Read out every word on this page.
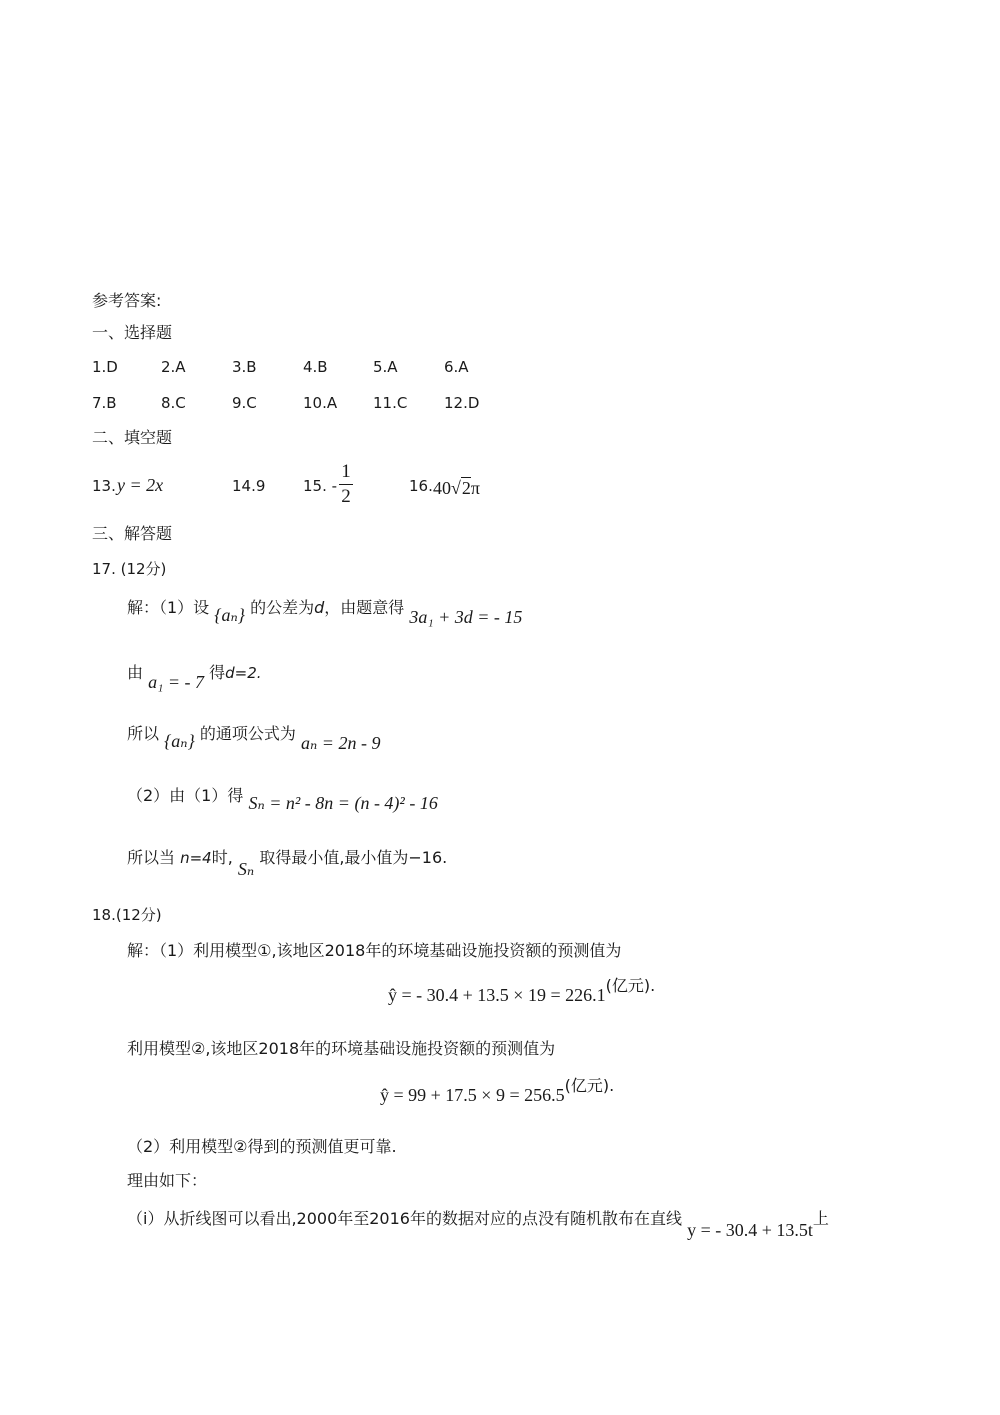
参考答案:
一、选择题
1.D	2.A	3.B	4.B	5.A	6.A
7.B	8.C	9.C	10.A 11.C 12.D
二、填空题
13. y = 2x	14.9	15. -
1
2	16. 40√2π
三、解答题
17. (12分)
解：（1）设 {aₙ} 的公差为d，由题意得 3a₁ + 3d = - 15
由 a₁ = - 7 得d=2.
所以 {aₙ} 的通项公式为 aₙ = 2n - 9
（2）由（1）得 Sₙ = n² - 8n = (n - 4)² - 16
所以当 n=4时, Sₙ 取得最小值,最小值为−16.
18.(12分)
解：（1）利用模型①,该地区2018年的环境基础设施投资额的预测值为
ŷ = - 30.4 + 13.5 × 19 = 226.1(亿元).
利用模型②,该地区2018年的环境基础设施投资额的预测值为
ŷ = 99 + 17.5 × 9 = 256.5(亿元).
（2）利用模型②得到的预测值更可靠.
理由如下：
（ⅰ）从折线图可以看出,2000年至2016年的数据对应的点没有随机散布在直线 y = - 30.4 + 13.5t上
